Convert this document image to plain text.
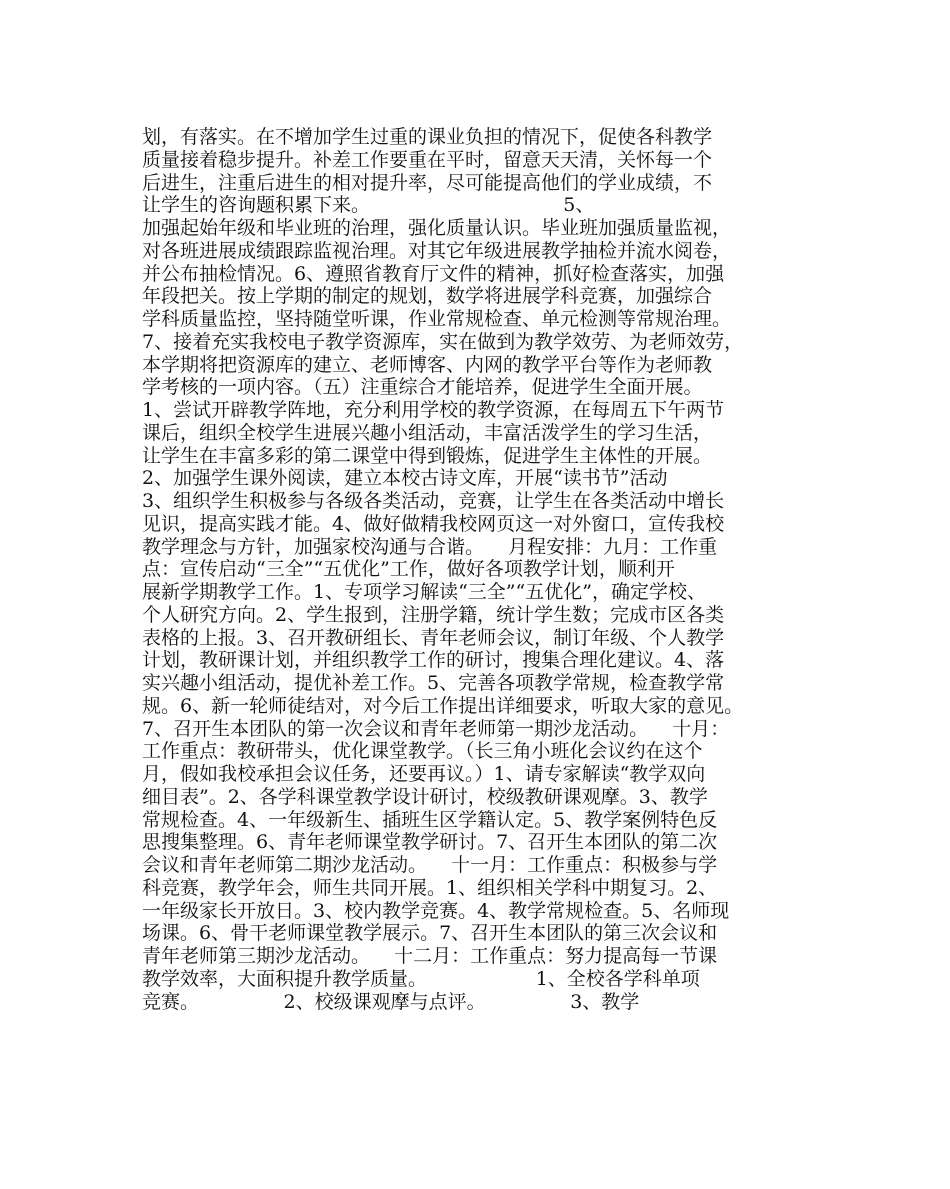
划，有落实。在不增加学生过重的课业负担的情况下，促使各科教学
质量接着稳步提升。补差工作要重在平时，留意天天清，关怀每一个
后进生，注重后进生的相对提升率，尽可能提高他们的学业成绩，不
让学生的咨询题积累下来。                                5、
加强起始年级和毕业班的治理，强化质量认识。毕业班加强质量监视，
对各班进展成绩跟踪监视治理。对其它年级进展教学抽检并流水阅卷，
并公布抽检情况。6、遵照省教育厅文件的精神，抓好检查落实，加强
年段把关。按上学期的制定的规划，数学将进展学科竞赛，加强综合
学科质量监控，坚持随堂听课，作业常规检查、单元检测等常规治理。
7、接着充实我校电子教学资源库，实在做到为教学效劳、为老师效劳，
本学期将把资源库的建立、老师博客、内网的教学平台等作为老师教
学考核的一项内容。（五）注重综合才能培养，促进学生全面开展。
1、尝试开辟教学阵地，充分利用学校的教学资源，在每周五下午两节
课后，组织全校学生进展兴趣小组活动，丰富活泼学生的学习生活，
让学生在丰富多彩的第二课堂中得到锻炼，促进学生主体性的开展。
2、加强学生课外阅读，建立本校古诗文库，开展“读书节”活动
3、组织学生积极参与各级各类活动，竞赛，让学生在各类活动中增长
见识，提高实践才能。4、做好做精我校网页这一对外窗口，宣传我校
教学理念与方针，加强家校沟通与合谐。    月程安排：九月：工作重
点：宣传启动“三全”“五优化”工作，做好各项教学计划，顺利开
展新学期教学工作。1、专项学习解读“三全”“五优化”，确定学校、
个人研究方向。2、学生报到，注册学籍，统计学生数；完成市区各类
表格的上报。3、召开教研组长、青年老师会议，制订年级、个人教学
计划，教研课计划，并组织教学工作的研讨，搜集合理化建议。4、落
实兴趣小组活动，提优补差工作。5、完善各项教学常规，检查教学常
规。6、新一轮师徒结对，对今后工作提出详细要求，听取大家的意见。
7、召开生本团队的第一次会议和青年老师第一期沙龙活动。    十月：
工作重点：教研带头，优化课堂教学。（长三角小班化会议约在这个
月，假如我校承担会议任务，还要再议。）1、请专家解读“教学双向
细目表”。2、各学科课堂教学设计研讨，校级教研课观摩。3、教学
常规检查。4、一年级新生、插班生区学籍认定。5、教学案例特色反
思搜集整理。6、青年老师课堂教学研讨。7、召开生本团队的第二次
会议和青年老师第二期沙龙活动。    十一月：工作重点：积极参与学
科竞赛，教学年会，师生共同开展。1、组织相关学科中期复习。2、
一年级家长开放日。3、校内教学竞赛。4、教学常规检查。5、名师现
场课。6、骨干老师课堂教学展示。7、召开生本团队的第三次会议和
青年老师第三期沙龙活动。    十二月：工作重点：努力提高每一节课
教学效率，大面积提升教学质量。                  1、全校各学科单项
竞赛。              2、校级课观摩与点评。              3、教学
